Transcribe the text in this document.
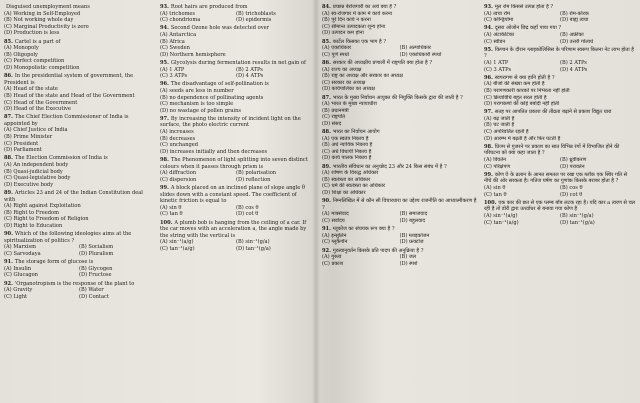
Disguised unemployment means
(A) Working in Self-Employed
(B) Not working whole day
(C) Marginal Productivity is zero
(D) Production is less
85. Cartel is a part of
(A) Monopoly
(B) Oligopoly
(C) Perfect competition
(D) Monopolistic competition
86. In the presidential system of government, the President is
(A) Head of the state
(B) Head of the state and Head of the Government
(C) Head of the Government
(D) Head of the Executive
87. The Chief Election Commissioner of India is appointed by
(A) Chief Justice of India
(B) Prime Minister
(C) President
(D) Parliament
88. The Election Commission of India is
(A) An independent body
(B) Quasi-judicial body
(C) Quasi-legislative body
(D) Executive body
89. Articles 23 and 24 of the Indian Constitution deal with
(A) Right against Exploitation
(B) Right to Freedom
(C) Right to Freedom of Religion
(D) Right to Education
90. Which of the following ideologies aims at the spiritualization of politics ?
(A) Marxism	(B) Socialism
(C) Sarvodaya	(D) Pluralism
91. The storage form of glucose is
(A) Insulin	(B) Glycogen
(C) Glucagon	(D) Fructose
92. 'Organotropism is the response of the plant to
(A) Gravity	(B) Water
(C) Light	(D) Contact
93. Root hairs are produced from
(A) trichomes	(B) trichoblasts
(C) chondrioma	(D) epidermis
94. Second Ozone hole was detected over
(A) Antarctica
(B) Africa
(C) Sweden
(D) Northern hemisphere
95. Glycolysis during fermentation results in net gain of
(A) 1 ATP	(B) 2 ATPs
(C) 3 ATPs	(D) 4 ATPs
96. The disadvantage of self-pollination is
(A) seeds are less in number
(B) no dependence of pollinating agents
(C) mechanism is too simple
(D) no wastage of pollen grains
97. By increasing the intensity of incident light on the surface, the photo electric current
(A) increases
(B) decreases
(C) unchanged
(D) increases initially and then decreases
98. The Phenomenon of light splitting into seven distinct colours when it passes through prism is
(A) diffraction	(B) polarisation
(C) dispersion	(D) reflection
99. A block placed on an inclined plane of slope angle θ slides down with a constant speed. The coefficient of kinetic friction is equal to
(A) sin θ	(B) cos θ
(C) tan θ	(D) cot θ
100. A plumb bob is hanging from the ceiling of a car. If the car moves with an acceleration a, the angle made by the string with the vertical is
(A) sin⁻¹(a/g)	(B) sin⁻¹(g/a)
(C) tan⁻¹(a/g)	(D) tan⁻¹(g/a)
84. प्रच्छन्न बेरोजगारी का अर्थ क्या है ?
(A) स्व-रोजगार में काम में कार्य करना
(B) पूरे दिन कार्य न करना
(C) सीमान्त उत्पादकता शून्य होना
(D) उत्पादन कम होना
85. कार्टेल किसका एक भाग है ?
(A) एकाधिकार	(B) अल्पाधिकार
(C) पूर्ण स्पर्धा	(D) एकाधिकारी स्पर्धा
86. सरकार की अध्यक्षीय प्रणाली में राष्ट्रपति क्या होता है ?
(A) राज्य का अध्यक्ष
(B) राष्ट्र का अध्यक्ष और सरकार का अध्यक्ष
(C) सरकार का अध्यक्ष
(D) कार्यपालिका का अध्यक्ष
87. भारत के मुख्य निर्वाचन आयुक्त की नियुक्ति किसके द्वारा की जाती है ?
(A) भारत के मुख्य न्यायाधीश
(B) प्रधानमंत्री
(C) राष्ट्रपति
(D) संसद
88. भारत का निर्वाचन आयोग
(A) एक स्वतंत्र निकाय है
(B) अर्ध न्यायिक निकाय है
(C) अर्ध विधायी निकाय है
(D) कार्य पालक निकाय है
89. भारतीय संविधान का अनुच्छेद 23 और 24 किस संबंध में है ?
(A) शोषण के विरुद्ध अधिकार
(B) स्वतंत्रता का अधिकार
(C) धर्म की स्वतंत्रता का अधिकार
(D) शिक्षा का अधिकार
90. निम्नलिखित में से कौन सी विचारधारा का उद्देश्य राजनीति का आध्यात्मीकरण है ?
(A) मार्क्सवाद	(B) समाजवाद
(C) सर्वोदय	(D) बहुलवाद
91. ग्लूकोज का संचयक रूप क्या है ?
(A) इन्सुलिन	(B) ग्लाइकोजन
(C) ग्लूकैगॉन	(D) फ्रक्टोज
92. गुरुत्वानुवर्तन किसके प्रति पादप की अनुक्रिया है ?
(A) गुरुत्व	(B) जल
(C) प्रकाश	(D) स्पर्श
93. मूल रोम किससे उत्पन्न होता है ?
(A) त्वचा रोम	(B) रोम-कोरक
(C) कोन्ड्रियोमा	(D) बाह्य त्वचा
94. दूसरा ओजोन छिद्र कहाँ पाया गया ?
(A) अंटार्कटिका	(B) अफ्रीका
(C) स्वीडन	(D) उत्तरी गोलार्ध
95. किण्वन के दौरान ग्लाइकोलिसिस के परिणाम स्वरूप कितना नेट लाभ होता है ?
(A) 1 ATP	(B) 2 ATPs
(C) 3 ATPs	(D) 4 ATPs
96. स्वपरागण से क्या हानि होती है ?
(A) बीजों की संख्या कम होती है
(B) परागणकारी कारकों पर निर्भरता नहीं होती
(C) क्रियाविधि बहुत सरल होती है
(D) परागकणों की कोई बर्बादी नहीं होती
97. सतह पर आपतित प्रकाश की तीव्रता बढ़ाने से प्रकाश विद्युत धारा
(A) बढ़ जाती है
(B) घट जाती है
(C) अपरिवर्तित रहती है
(D) आरम्भ में बढ़ती है और फिर घटती है
98. प्रिज्म से गुजरने पर प्रकाश का सात विभिन्न रंगों में विभाजित होने की परिघटना को क्या कहा जाता है ?
(A) विवर्तन	(B) ध्रुवीकरण
(C) परिक्षेपण	(D) परावर्तन
99. कोण θ के ढलान के आनत समतल पर रखा एक ब्लॉक एक स्थिर गति से नीचे की ओर सरकता है। गतिज घर्षण का गुणांक किसके बराबर होता है ?
(A) sin θ	(B) cos θ
(C) tan θ	(D) cot θ
100. एक कार की छत से एक प्लम्ब बॉब लटक रहा है। यदि कार a त्वरण से चल रही है तो डोरी द्वारा ऊर्ध्वाधर से बनाया गया कोण है
(A) sin⁻¹(a/g)	(B) sin⁻¹(g/a)
(C) tan⁻¹(a/g)	(D) tan⁻¹(g/a)
